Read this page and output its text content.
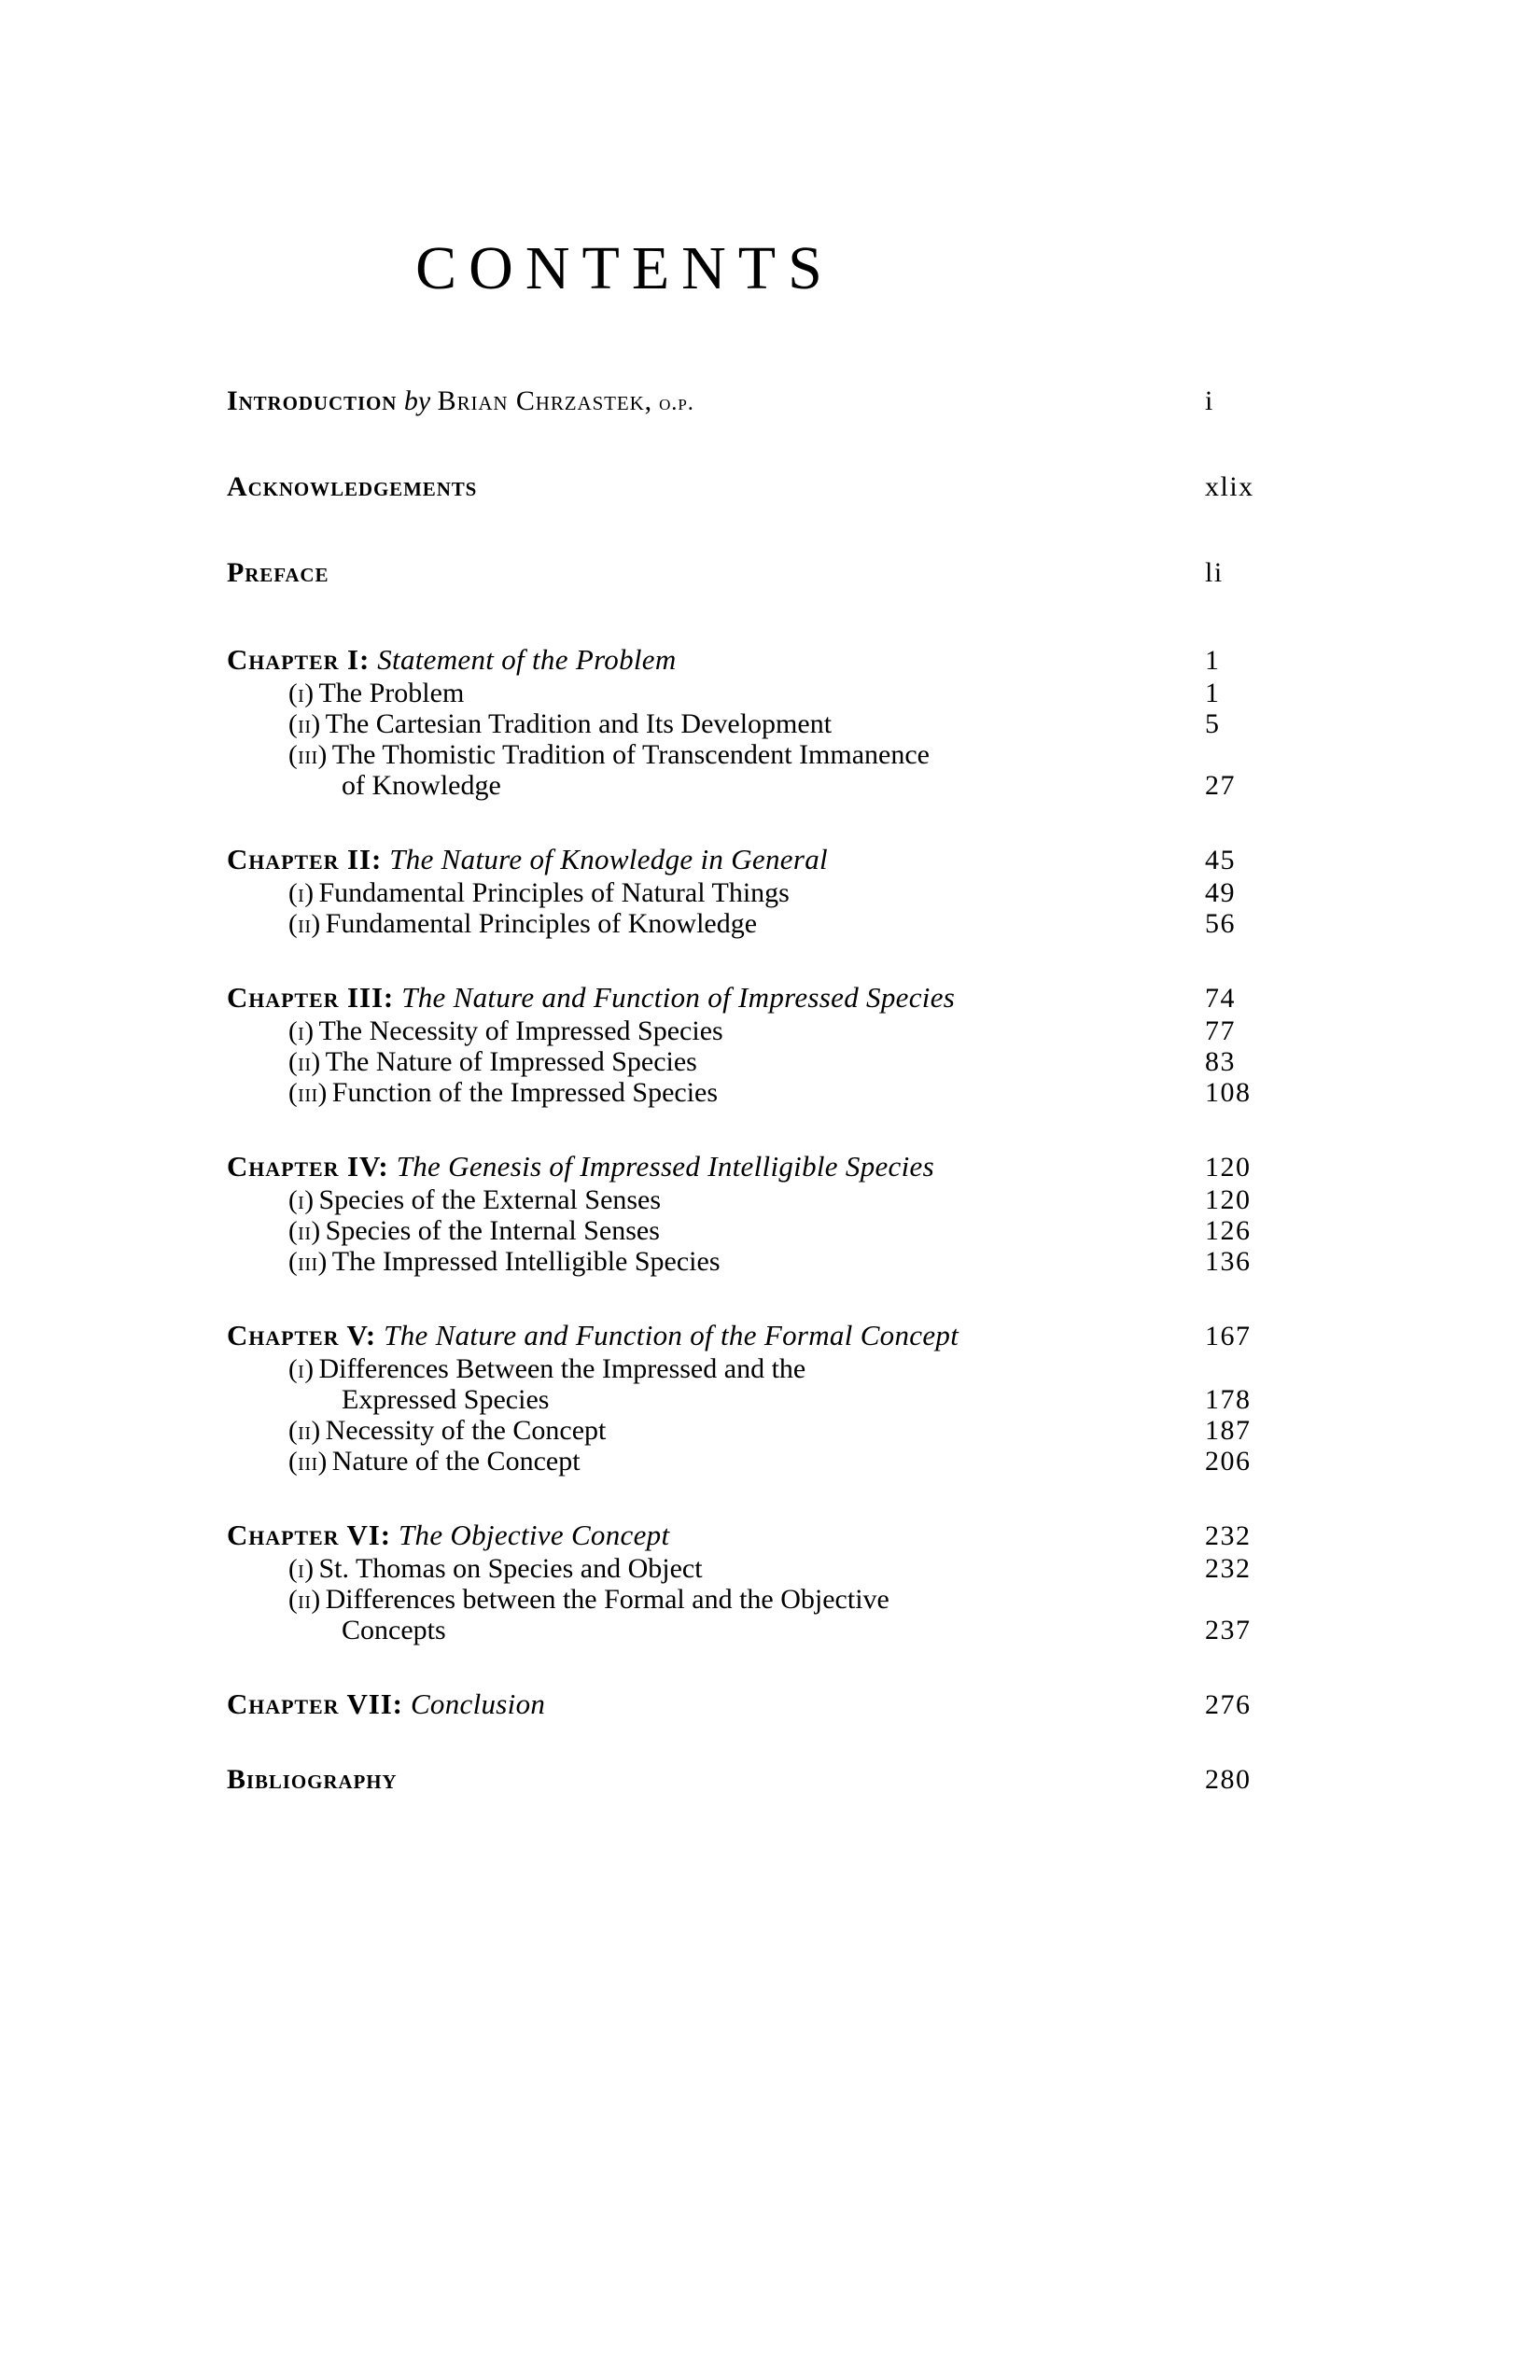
CONTENTS
Introduction by Brian Chrzastek, o.p.	i
Acknowledgements	xlix
Preface	li
Chapter I: Statement of the Problem	1
(i) The Problem	1
(ii) The Cartesian Tradition and Its Development	5
(iii) The Thomistic Tradition of Transcendent Immanence
of Knowledge	27
Chapter II: The Nature of Knowledge in General	45
(i) Fundamental Principles of Natural Things	49
(ii) Fundamental Principles of Knowledge	56
Chapter III: The Nature and Function of Impressed Species	74
(i) The Necessity of Impressed Species	77
(ii) The Nature of Impressed Species	83
(iii) Function of the Impressed Species	108
Chapter IV: The Genesis of Impressed Intelligible Species	120
(i) Species of the External Senses	120
(ii) Species of the Internal Senses	126
(iii) The Impressed Intelligible Species	136
Chapter V: The Nature and Function of the Formal Concept	167
(i) Differences Between the Impressed and the
Expressed Species	178
(ii) Necessity of the Concept	187
(iii) Nature of the Concept	206
Chapter VI: The Objective Concept	232
(i) St. Thomas on Species and Object	232
(ii) Differences between the Formal and the Objective
Concepts	237
Chapter VII: Conclusion	276
Bibliography	280
